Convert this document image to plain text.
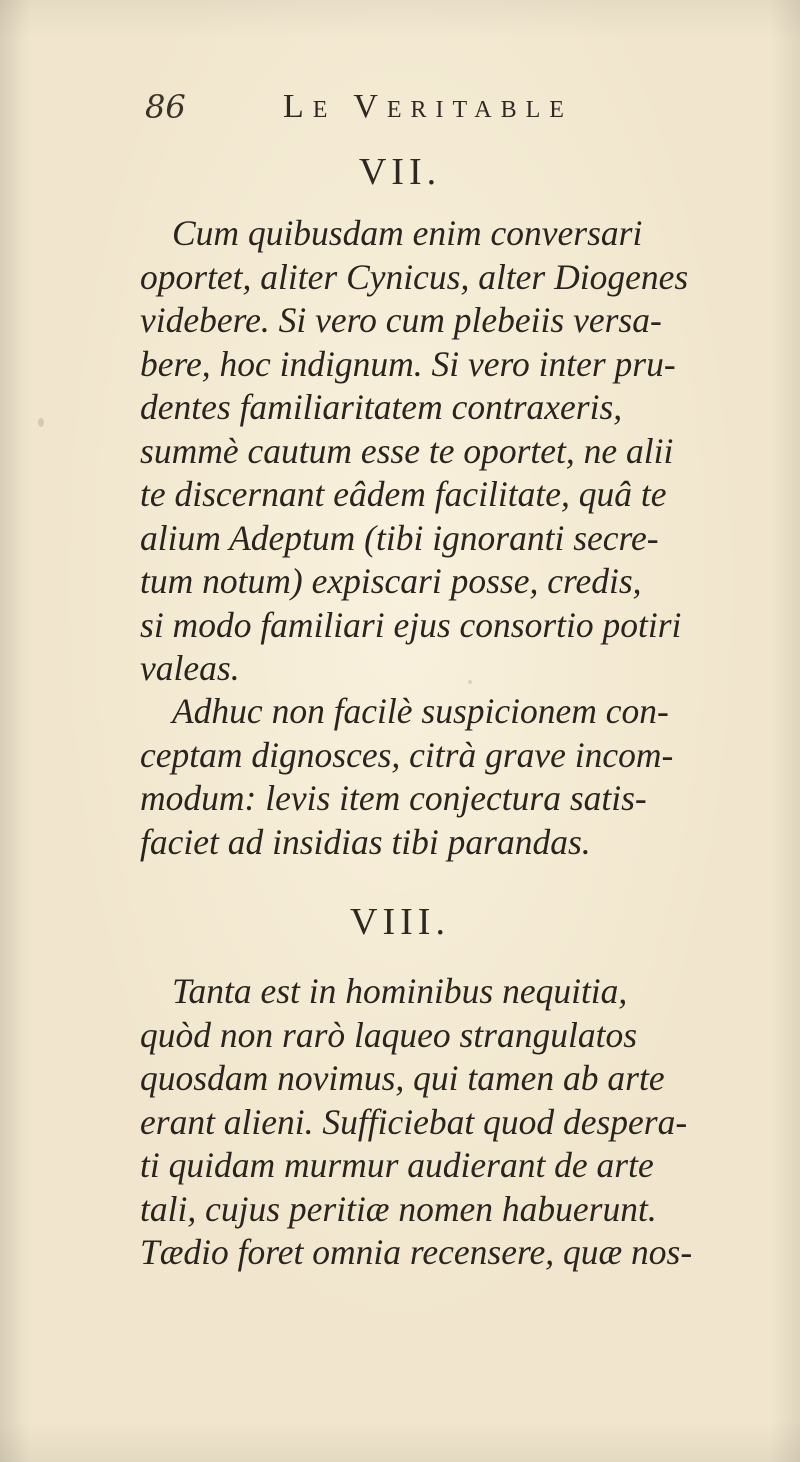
86	Le Veritable
VII.
Cum quibusdam enim conversari
oportet, aliter Cynicus, alter Diogenes
videbere. Si vero cum plebeiis versa-
bere, hoc indignum. Si vero inter pru-
dentes familiaritatem contraxeris,
summè cautum esse te oportet, ne alii
te discernant eâdem facilitate, quâ te
alium Adeptum (tibi ignoranti secre-
tum notum) expiscari posse, credis,
si modo familiari ejus consortio potiri
valeas.
Adhuc non facilè suspicionem con-
ceptam dignosces, citrà grave incom-
modum: levis item conjectura satis-
faciet ad insidias tibi parandas.
VIII.
Tanta est in hominibus nequitia,
quòd non rarò laqueo strangulatos
quosdam novimus, qui tamen ab arte
erant alieni. Sufficiebat quod despera-
ti quidam murmur audierant de arte
tali, cujus peritiæ nomen habuerunt.
Tædio foret omnia recensere, quæ nos-
